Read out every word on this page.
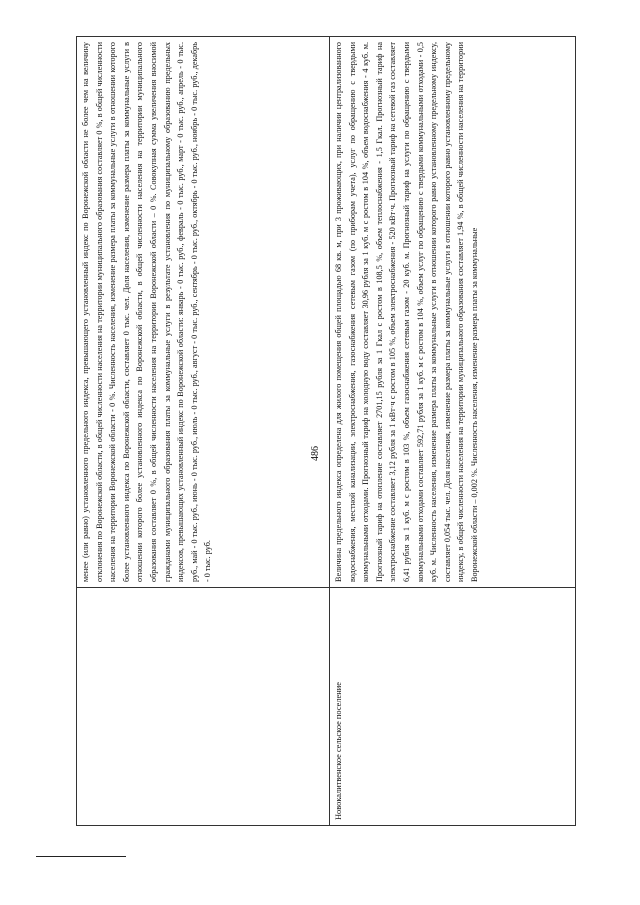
486
менее (или равно) установленного предельного индекса, превышающего установленный индекс по Воронежской области не более чем на величину отклонения по Воронежской области, в общей численности населения на территории муниципального образования составляет 0 %, в общей численности населения на территории Воронежской области - 0 %. Численность населения, изменение размера платы за коммунальные услуги в отношении которого более установленного индекса по Воронежской области, составляет 0 тыс. чел. Доля населения, изменение размера платы за коммунальные услуги в отношении которого более установленного индекса по Воронежской области, в общей численности населения на территории муниципального образования составляет 0 %, в общей численности населения на территории Воронежской области – 0 %. Совокупная сумма увеличения вносимой гражданами муниципального образования платы за коммунальные услуги в результате установления по муниципальному образованию предельных индексов, превышающих установленный индекс по Воронежской области: январь - 0 тыс. руб., февраль - 0 тыс. руб., март - 0 тыс. руб., апрель - 0 тыс. руб., май - 0 тыс. руб., июнь - 0 тыс. руб., июль - 0 тыс. руб., август - 0 тыс. руб., сентябрь - 0 тыс. руб., октябрь - 0 тыс. руб., ноябрь - 0 тыс. руб., декабрь - 0 тыс. руб.
Новокалитвенское сельское поселение
Величина предельного индекса определена для жилого помещения общей площадью 68 кв. м, при 3 проживающих, при наличии централизованного водоснабжения, местной канализации, электроснабжения, газоснабжения сетевым газом (по приборам учета), услуг по обращению с твердыми коммунальными отходами. Прогнозный тариф на холодную воду составляет 30,96 рубля за 1 куб. м с ростом в 104 %, объем водоснабжения - 4 куб. м. Прогнозный тариф на отопление составляет 2701,15 рубля за 1 Гкал с ростом в 108,5 %, объем теплоснабжения - 1,5 Гкал. Прогнозный тариф на электроснабжение составляет 3,12 рубля за 1 кВт·ч с ростом в 105 %, объем электроснабжения - 520 кВт·ч. Прогнозный тариф на сетевой газ составляет 6,41 рубля за 1 куб. м с ростом в 103 %, объем газоснабжения сетевым газом - 20 куб. м. Прогнозный тариф на услуги по обращению с твердыми коммунальными отходами составляет 592,71 рубля за 1 куб. м с ростом в 104 %, объем услуг по обращению с твердыми коммунальными отходами - 0,5 куб. м. Численность населения, изменение размера платы за коммунальные услуги в отношении которого равно установленному предельному индексу, составляет 0,054 тыс. чел. Доля населения, изменение размера платы за коммунальные услуги в отношении которого равно установленному предельному индексу, в общей численности населения на территории муниципального образования составляет 1,94 %, в общей численности населения на территории Воронежской области – 0,002 %. Численность населения, изменение размера платы за коммунальные
